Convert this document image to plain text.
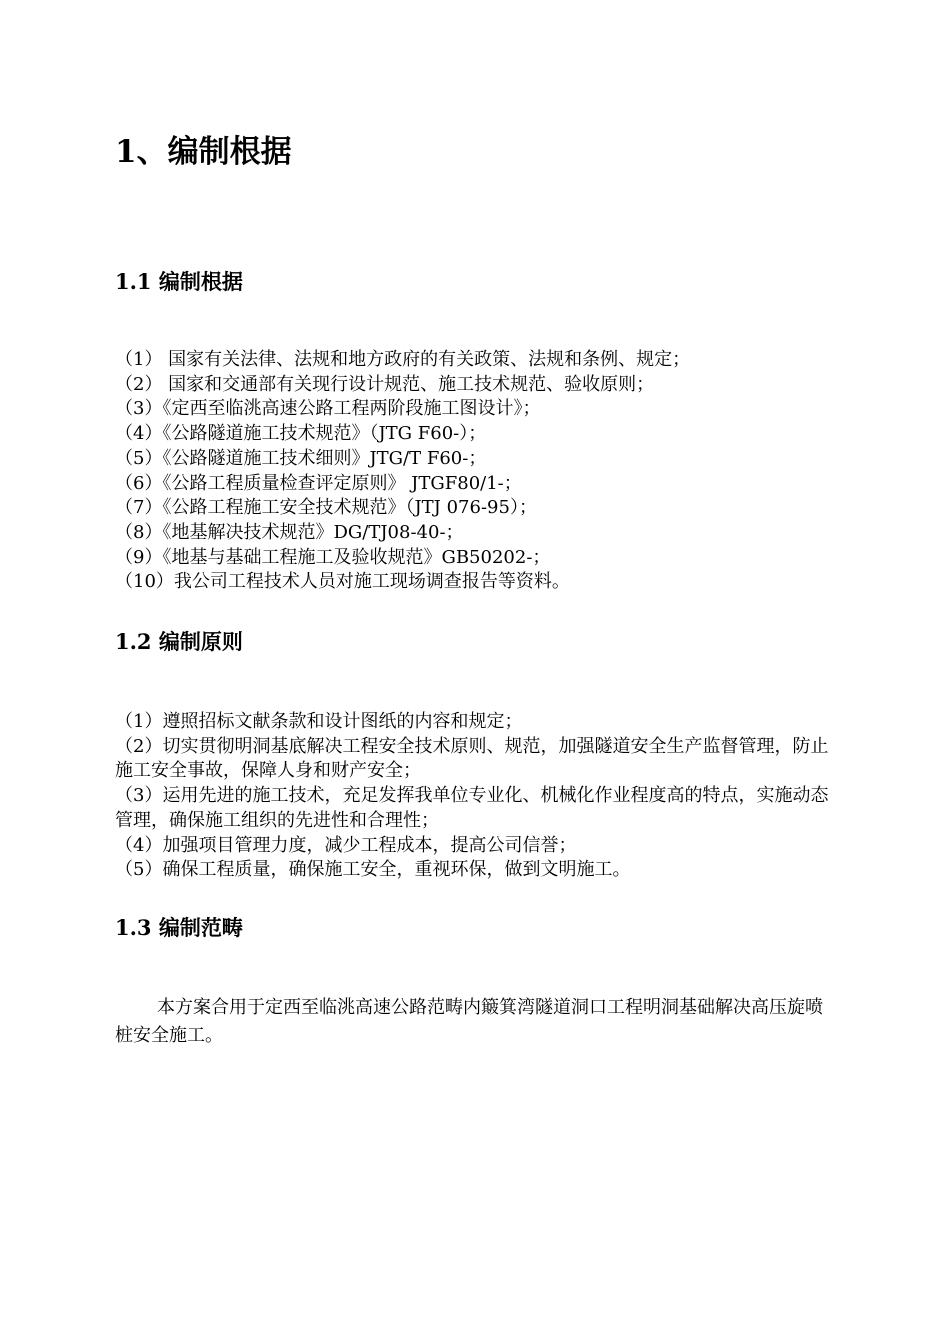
1、编制根据
1.1 编制根据
（1） 国家有关法律、法规和地方政府的有关政策、法规和条例、规定；
（2） 国家和交通部有关现行设计规范、施工技术规范、验收原则；
（3）《定西至临洮高速公路工程两阶段施工图设计》；
（4）《公路隧道施工技术规范》（JTG F60-）；
（5）《公路隧道施工技术细则》JTG/T F60-；
（6）《公路工程质量检查评定原则》 JTGF80/1-；
（7）《公路工程施工安全技术规范》（JTJ 076-95）；
（8）《地基解决技术规范》DG/TJ08-40-；
（9）《地基与基础工程施工及验收规范》GB50202-；
（10）我公司工程技术人员对施工现场调查报告等资料。
1.2 编制原则
（1）遵照招标文献条款和设计图纸的内容和规定；
（2）切实贯彻明洞基底解决工程安全技术原则、规范，加强隧道安全生产监督管理，防止施工安全事故，保障人身和财产安全；
（3）运用先进的施工技术，充足发挥我单位专业化、机械化作业程度高的特点，实施动态管理，确保施工组织的先进性和合理性；
（4）加强项目管理力度，减少工程成本，提高公司信誉；
（5）确保工程质量，确保施工安全，重视环保，做到文明施工。
1.3 编制范畴

本方案合用于定西至临洮高速公路范畴内簸箕湾隧道洞口工程明洞基础解决高压旋喷桩安全施工。
